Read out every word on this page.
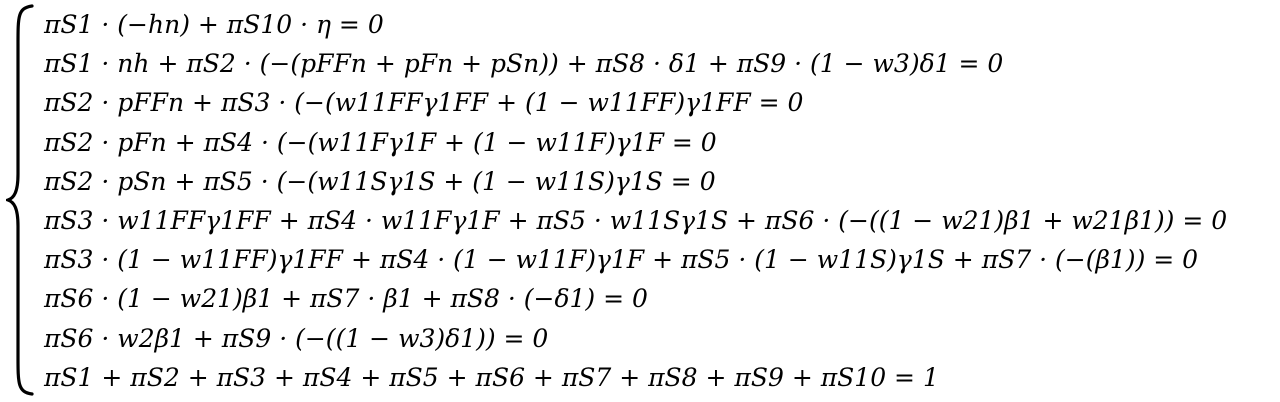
πS1 · (−hn) + πS10 · η = 0
πS1 · nh + πS2 · (−(pFFn + pFn + pSn)) + πS8 · δ1 + πS9 · (1 − w3)δ1 = 0
πS2 · pFFn + πS3 · (−(w11FFγ1FF + (1 − w11FF)γ1FF = 0
πS2 · pFn + πS4 · (−(w11Fγ1F + (1 − w11F)γ1F = 0
πS2 · pSn + πS5 · (−(w11Sγ1S + (1 − w11S)γ1S = 0
πS3 · w11FFγ1FF + πS4 · w11Fγ1F + πS5 · w11Sγ1S + πS6 · (−((1 − w21)β1 + w21β1)) = 0
πS3 · (1 − w11FF)γ1FF + πS4 · (1 − w11F)γ1F + πS5 · (1 − w11S)γ1S + πS7 · (−(β1)) = 0
πS6 · (1 − w21)β1 + πS7 · β1 + πS8 · (−δ1) = 0
πS6 · w2β1 + πS9 · (−((1 − w3)δ1)) = 0
πS1 + πS2 + πS3 + πS4 + πS5 + πS6 + πS7 + πS8 + πS9 + πS10 = 1
